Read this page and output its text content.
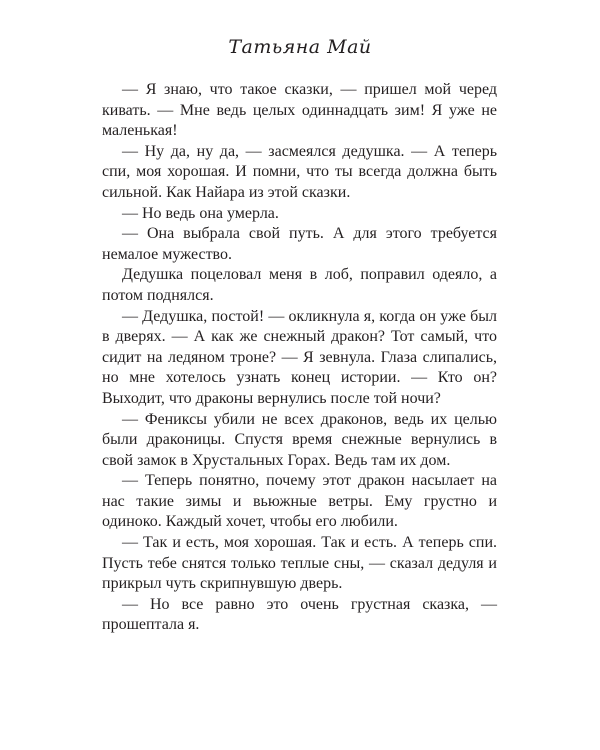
Татьяна Май

— Я знаю, что такое сказки, — пришел мой черед кивать. — Мне ведь целых одиннадцать зим! Я уже не маленькая!

— Ну да, ну да, — засмеялся дедушка. — А теперь спи, моя хорошая. И помни, что ты всегда должна быть сильной. Как Найара из этой сказки.

— Но ведь она умерла.

— Она выбрала свой путь. А для этого требуется немалое мужество.

Дедушка поцеловал меня в лоб, поправил одеяло, а потом поднялся.

— Дедушка, постой! — окликнула я, когда он уже был в дверях. — А как же снежный дракон? Тот самый, что сидит на ледяном троне? — Я зевнула. Глаза слипались, но мне хотелось узнать конец истории. — Кто он? Выходит, что драконы вернулись после той ночи?

— Фениксы убили не всех драконов, ведь их целью были драконицы. Спустя время снежные вернулись в свой замок в Хрустальных Горах. Ведь там их дом.

— Теперь понятно, почему этот дракон насылает на нас такие зимы и вьюжные ветры. Ему грустно и одиноко. Каждый хочет, чтобы его любили.

— Так и есть, моя хорошая. Так и есть. А теперь спи. Пусть тебе снятся только теплые сны, — сказал дедуля и прикрыл чуть скрипнувшую дверь.

— Но все равно это очень грустная сказка, — прошептала я.
